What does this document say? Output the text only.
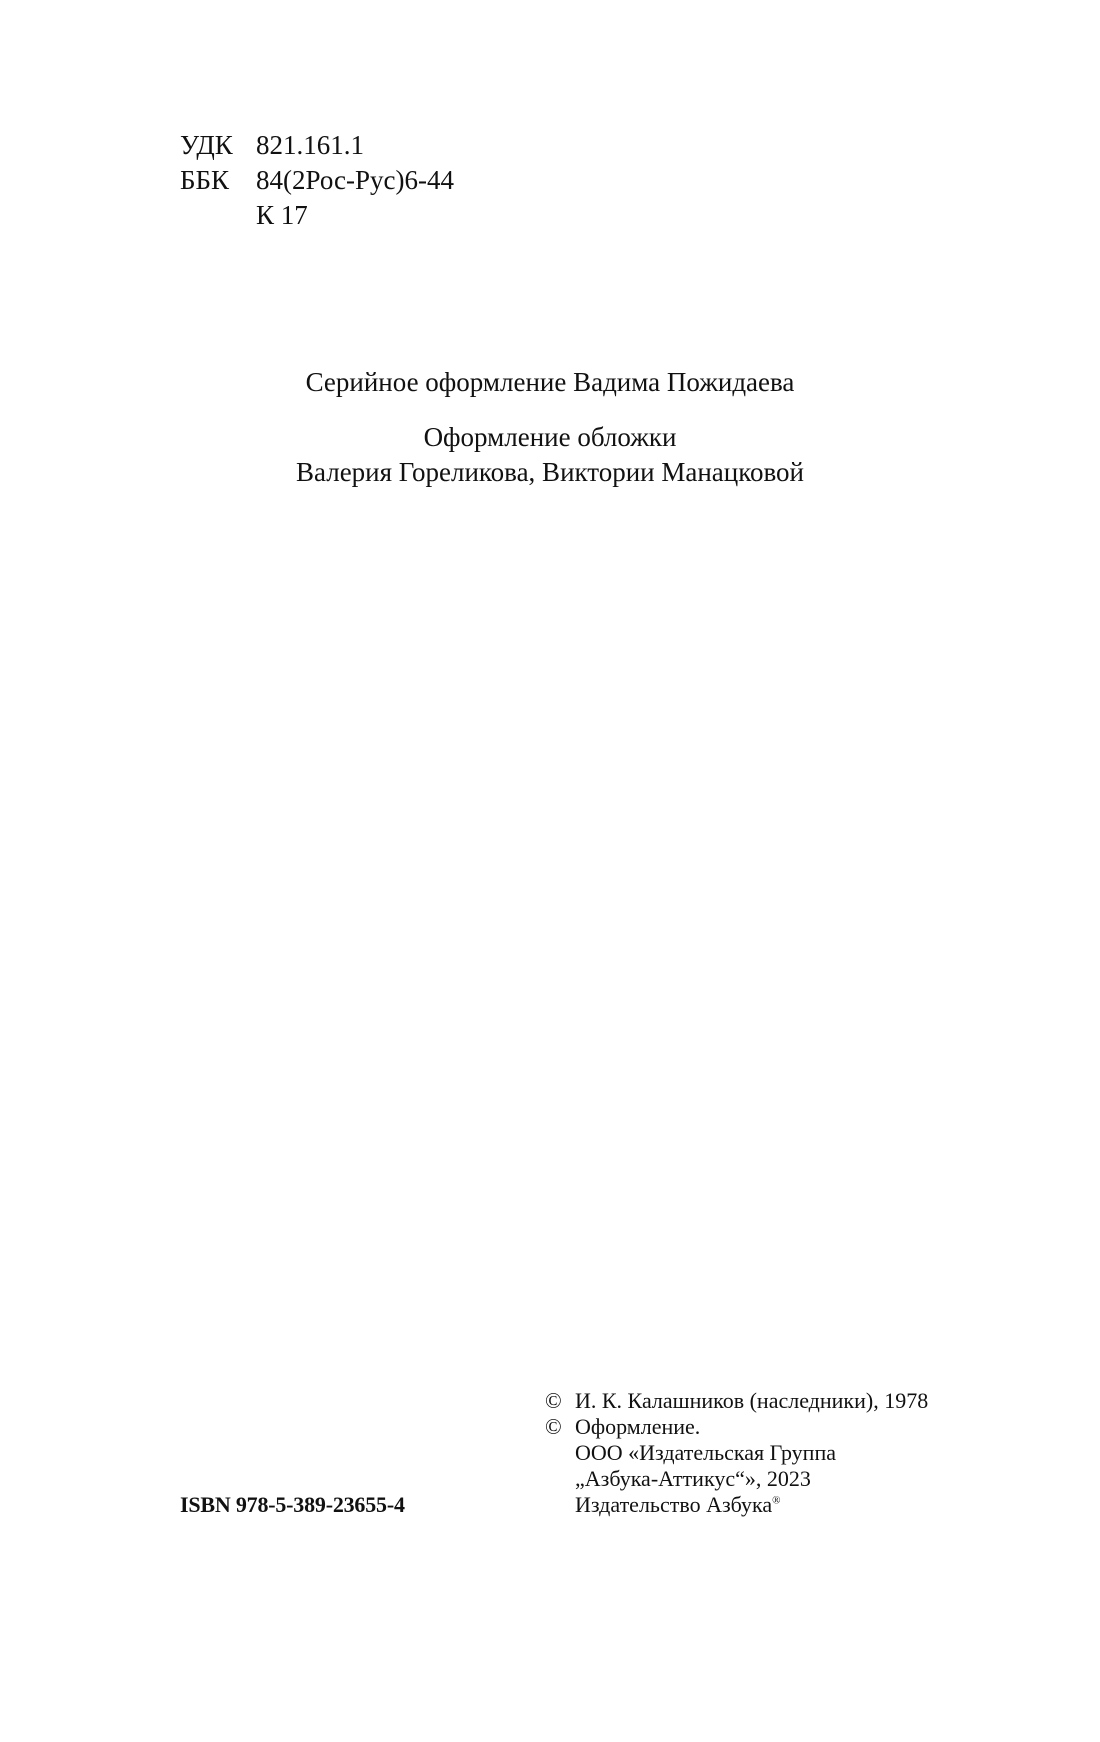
УДК 821.161.1
ББК 84(2Рос-Рус)6-44
К 17
Серийное оформление Вадима Пожидаева
Оформление обложки
Валерия Гореликова, Виктории Манацковой
© И. К. Калашников (наследники), 1978
© Оформление.
ООО «Издательская Группа
„Азбука-Аттикус“», 2023
Издательство Азбука®
ISBN 978-5-389-23655-4
